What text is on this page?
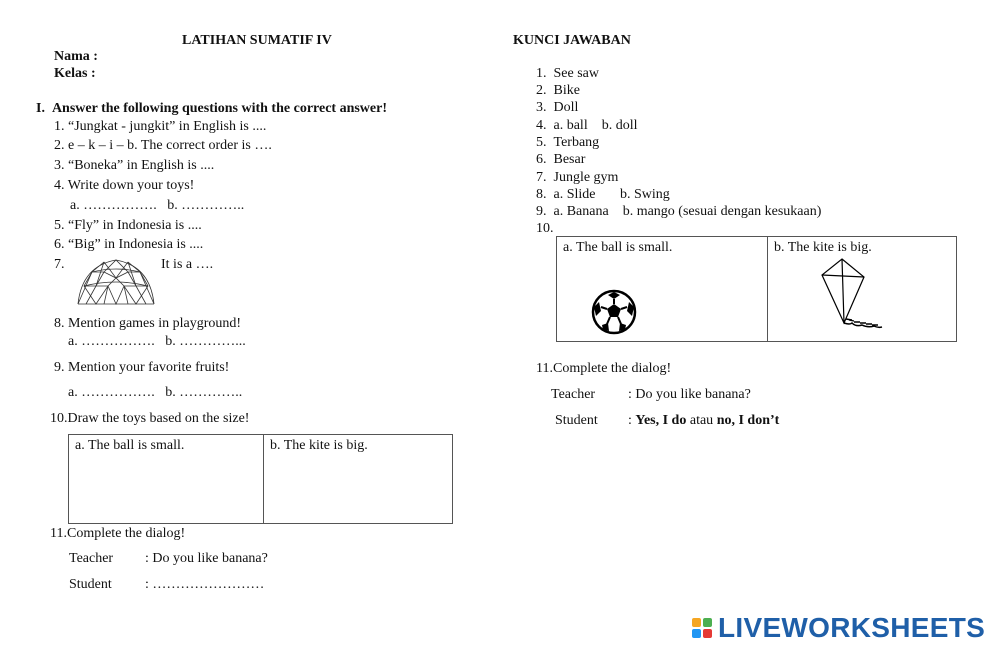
LATIHAN SUMATIF IV
Nama :
Kelas :
I.  Answer the following questions with the correct answer!
1. “Jungkat - jungkit” in English is ....
2. e – k – i – b. The correct order is ….
3. “Boneka” in English is ....
4. Write down your toys!
a. …………….   b. …………..
5. “Fly” in Indonesia is ....
6. “Big” in Indonesia is ....
7.	It is a ….
8. Mention games in playground!
a. …………….   b. …………...
9. Mention your favorite fruits!
a. …………….   b. …………..
10.Draw the toys based on the size!
a. The ball is small.	b. The kite is big.
11.Complete the dialog!
Teacher : Do you like banana?
Student : ……………………
KUNCI JAWABAN
1.  See saw
2.  Bike
3.  Doll
4.  a. ball    b. doll
5.  Terbang
6.  Besar
7.  Jungle gym
8.  a. Slide       b. Swing
9.  a. Banana    b. mango (sesuai dengan kesukaan)
10.
a. The ball is small.	b. The kite is big.
11.Complete the dialog!
Teacher : Do you like banana?
Student : Yes, I do atau no, I don’t
LIVEWORKSHEETS
